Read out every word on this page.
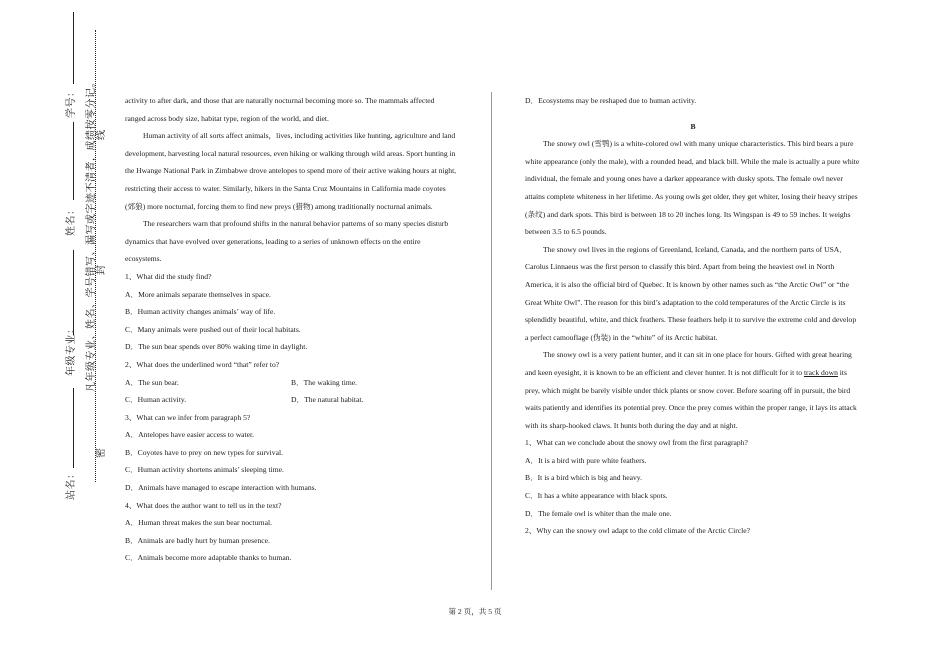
学号：
姓名：
年级专业：
站名：
凡年级专业、姓名、学号错写、漏写或字迹不清者，成绩按零分记。
密
封
线

activity to after dark, and those that are naturally nocturnal becoming more so. The mammals affected ranged across body size, habitat type, region of the world, and diet.

Human activity of all sorts affect animals，lives, including activities like hunting, agriculture and land development, harvesting local natural resources, even hiking or walking through wild areas. Sport hunting in the Hwange National Park in Zimbabwe drove antelopes to spend more of their active waking hours at night, restricting their access to water. Similarly, hikers in the Santa Cruz Mountains in California made coyotes (郊狼) more nocturnal, forcing them to find new preys (猎物) among traditionally nocturnal animals.

The researchers warn that profound shifts in the natural behavior patterns of so many species disturb dynamics that have evolved over generations, leading to a series of unknown effects on the entire ecosystems.

1、What did the study find?

A．More animals separate themselves in space.

B．Human activity changes animals’ way of life.

C．Many animals were pushed out of their local habitats.

D．The sun bear spends over 80% waking time in daylight.

2、What does the underlined word “that” refer to?

A．The sun bear.	B．The waking time.
C．Human activity.	D．The natural habitat.

3、What can we infer from paragraph 5?

A．Antelopes have easier access to water.

B．Coyotes have to prey on new types for survival.

C．Human activity shortens animals’ sleeping time.

D．Animals have managed to escape interaction with humans.

4、What does the author want to tell us in the text?

A．Human threat makes the sun bear nocturnal.

B．Animals are badly hurt by human presence.

C．Animals become more adaptable thanks to human.

D．Ecosystems may be reshaped due to human activity.

B

The snowy owl (雪鹗) is a white-colored owl with many unique characteristics. This bird bears a pure white appearance (only the male), with a rounded head, and black bill. While the male is actually a pure white individual, the female and young ones have a darker appearance with dusky spots. The female owl never attains complete whiteness in her lifetime. As young owls get older, they get whiter, losing their heavy stripes (条纹) and dark spots. This bird is between 18 to 20 inches long. Its Wingspan is 49 to 59 inches. It weighs between 3.5 to 6.5 pounds.

The snowy owl lives in the regions of Greenland, Iceland, Canada, and the northern parts of USA． Carolus Linnaeus was the first person to classify this bird. Apart from being the heaviest owl in North America, it is also the official bird of Quebec. It is known by other names such as “the Arctic Owl” or “the Great White Owl”. The reason for this bird’s adaptation to the cold temperatures of the Arctic Circle is its splendidly beautiful, white, and thick feathers. These feathers help it to survive the extreme cold and develop a perfect camouflage (伪装) in the “white” of its Arctic habitat.

The snowy owl is a very patient hunter, and it can sit in one place for hours. Gifted with great hearing and keen eyesight, it is known to be an efficient and clever hunter. It is not difficult for it to track down its prey, which might be barely visible under thick plants or snow cover. Before soaring off in pursuit, the bird waits patiently and identifies its potential prey. Once the prey comes within the proper range, it lays its attack with its sharp-hooked claws. It hunts both during the day and at night.

1、What can we conclude about the snowy owl from the first paragraph?

A．It is a bird with pure white feathers.

B．It is a bird which is big and heavy.

C．It has a white appearance with black spots.

D．The female owl is whiter than the male one.

2、Why can the snowy owl adapt to the cold climate of the Arctic Circle?

第 2 页，共 5 页
